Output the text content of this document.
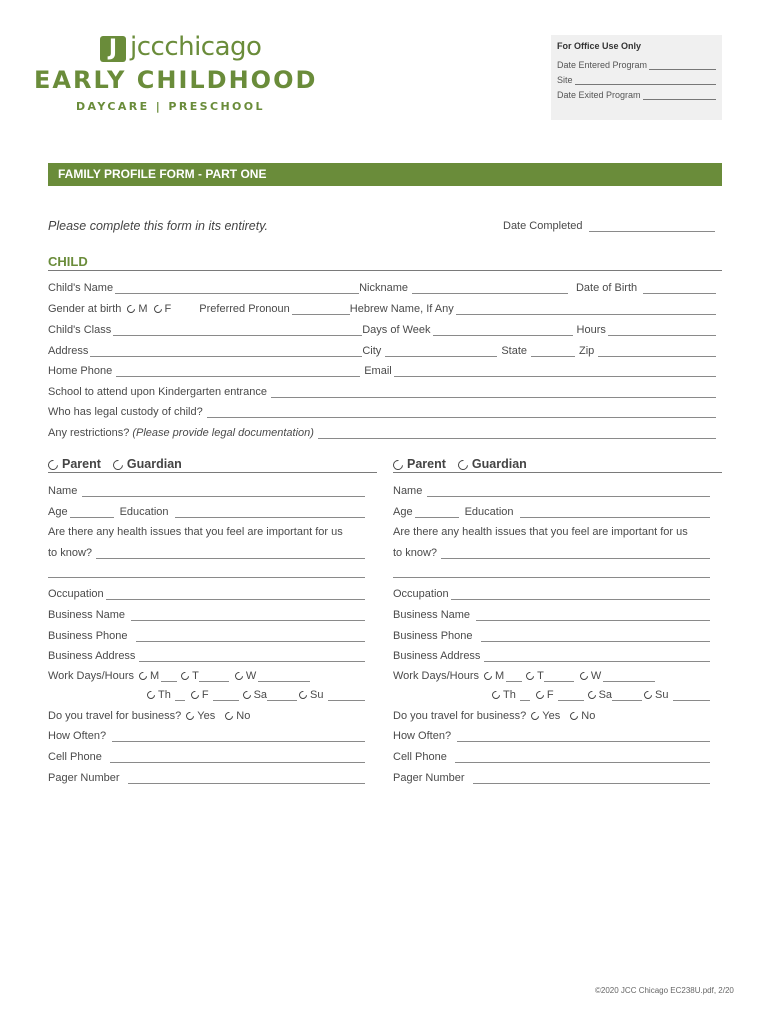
J jccchicago
EARLY CHILDHOOD
DAYCARE | PRESCHOOL
For Office Use Only
Date Entered Program
Site
Date Exited Program
FAMILY PROFILE FORM - PART ONE
Please complete this form in its entirety.	Date Completed
CHILD
Child's Name	Nickname	Date of Birth
Gender at birth	M	F	Preferred Pronoun	Hebrew Name, If Any
Child's Class	Days of Week	Hours
Address	City	State	Zip
Home Phone	Email
School to attend upon Kindergarten entrance
Who has legal custody of child?
Any restrictions? (Please provide legal documentation)
Parent	Guardian	Parent	Guardian
Name
Age	Education
Are there any health issues that you feel are important for us
to know?
Occupation
Business Name
Business Phone
Business Address
Work Days/Hours	M	T	W
Th	F	Sa	Su
Do you travel for business?	Yes	No
How Often?
Cell Phone
Pager Number
Name
Age	Education
Are there any health issues that you feel are important for us
to know?
Occupation
Business Name
Business Phone
Business Address
Work Days/Hours	M	T	W
Th	F	Sa	Su
Do you travel for business?	Yes	No
How Often?
Cell Phone
Pager Number
©2020 JCC Chicago EC238U.pdf, 2/20
